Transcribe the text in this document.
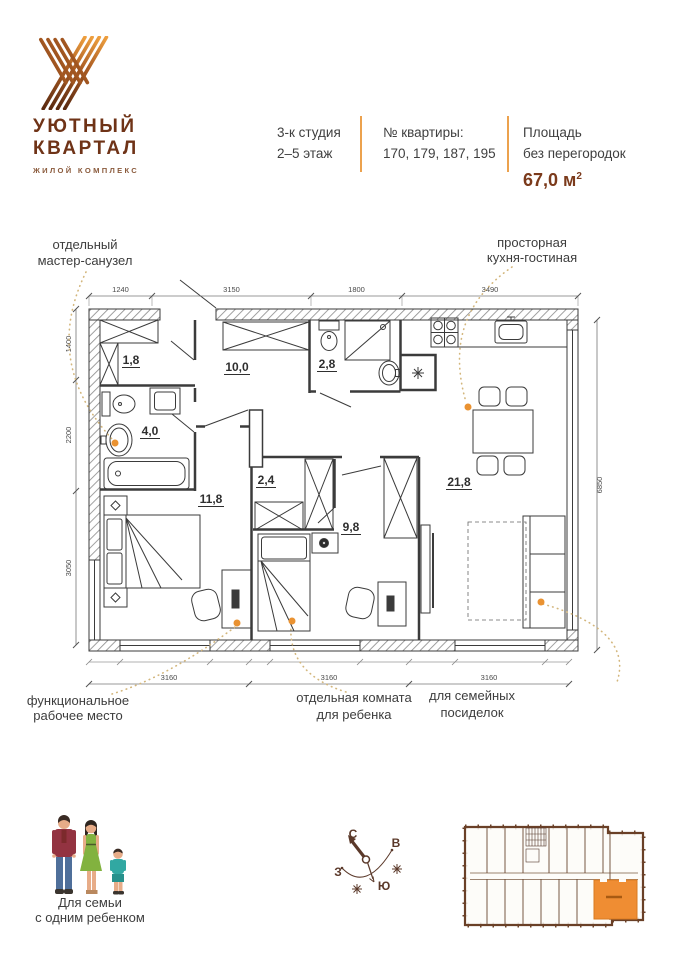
УЮТНЫЙ
КВАРТАЛ
ЖИЛОЙ КОМПЛЕКС
3-к студия
2–5 этаж
№ квартиры:
170, 179, 187, 195
Площадь
без перегородок
67,0 $м^2$
1,8	10,0	2,8
4,0
11,8
2,4
9,8
21,8
1240	3150	1800	3490
1400
2200
3050
6850
3160	3160	3160
отдельный
мастер-санузел
просторная
кухня-гостиная
функциональное
рабочее место
отдельная комната
для ребенка
для семейных
посиделок
Для семьи
с одним ребенком
С
В
З
Ю
